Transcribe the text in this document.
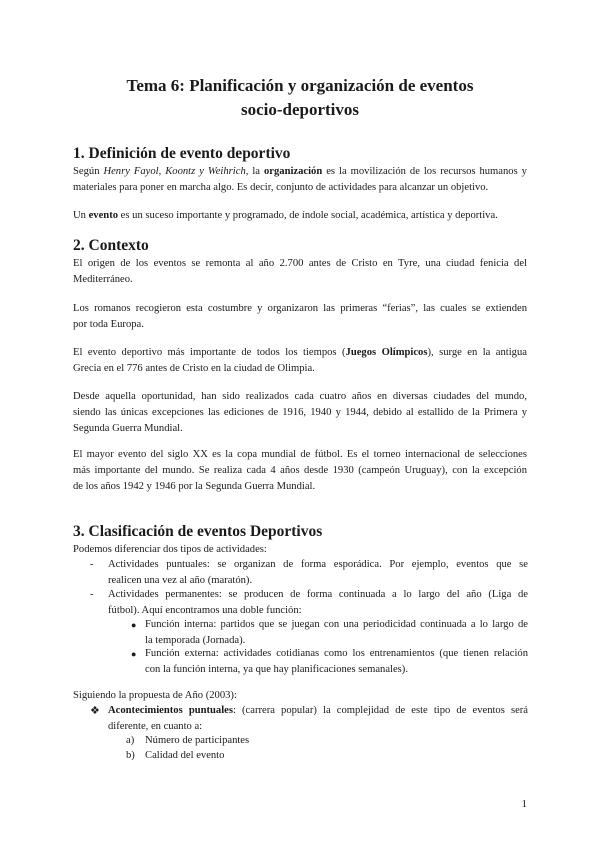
Tema 6: Planificación y organización de eventos
socio-deportivos
1. Definición de evento deportivo
Según Henry Fayol, Koontz y Weihrich, la organización es la movilización de los recursos humanos y
materiales para poner en marcha algo. Es decir, conjunto de actividades para alcanzar un objetivo.
Un evento es un suceso importante y programado, de índole social, académica, artística y deportiva.
2. Contexto
El origen de los eventos se remonta al año 2.700 antes de Cristo en Tyre, una ciudad fenicia del
Mediterráneo.
Los romanos recogieron esta costumbre y organizaron las primeras “ferias”, las cuales se extienden
por toda Europa.
El evento deportivo más importante de todos los tiempos (Juegos Olímpicos), surge en la antigua
Grecia en el 776 antes de Cristo en la ciudad de Olimpia.
Desde aquella oportunidad, han sido realizados cada cuatro años en diversas ciudades del mundo,
siendo las únicas excepciones las ediciones de 1916, 1940 y 1944, debido al estallido de la Primera y
Segunda Guerra Mundial.
El mayor evento del siglo XX es la copa mundial de fútbol. Es el torneo internacional de selecciones
más importante del mundo. Se realiza cada 4 años desde 1930 (campeón Uruguay), con la excepción
de los años 1942 y 1946 por la Segunda Guerra Mundial.
3. Clasificación de eventos Deportivos
Podemos diferenciar dos tipos de actividades:
- Actividades puntuales: se organizan de forma esporádica. Por ejemplo, eventos que se
realicen una vez al año (maratón).
- Actividades permanentes: se producen de forma continuada a lo largo del año (Liga de
fútbol). Aquí encontramos una doble función:
● Función interna: partidos que se juegan con una periodicidad continuada a lo largo de
la temporada (Jornada).
● Función externa: actividades cotidianas como los entrenamientos (que tienen relación
con la función interna, ya que hay planificaciones semanales).
Siguiendo la propuesta de Año (2003):
❖ Acontecimientos puntuales: (carrera popular) la complejidad de este tipo de eventos será
diferente, en cuanto a:
a) Número de participantes
b) Calidad del evento
1
